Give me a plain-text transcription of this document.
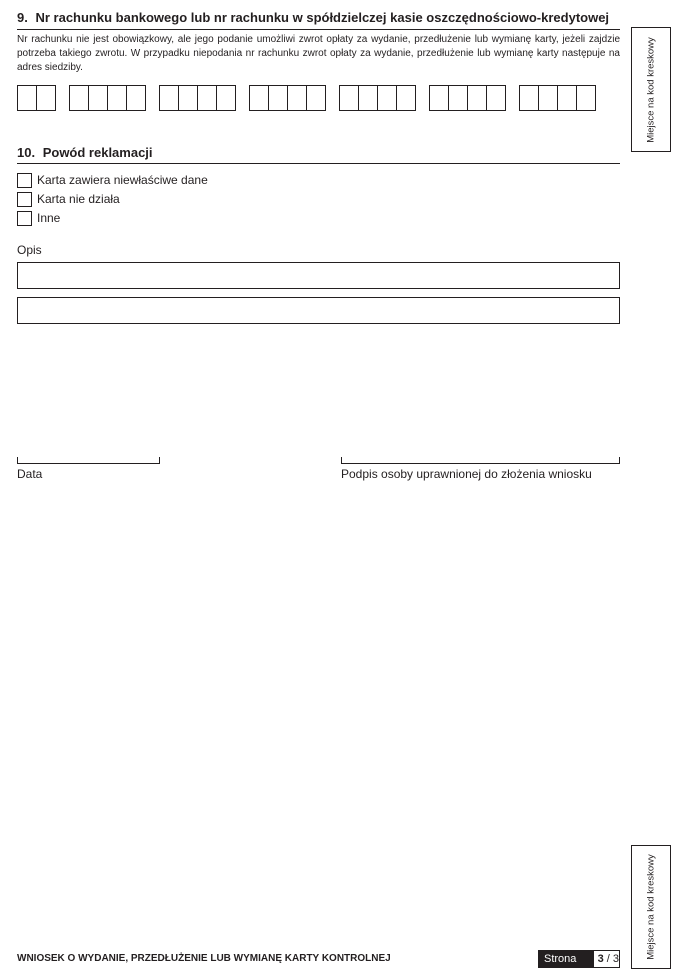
9. Nr rachunku bankowego lub nr rachunku w spółdzielczej kasie oszczędnościowo-kredytowej
Nr rachunku nie jest obowiązkowy, ale jego podanie umożliwi zwrot opłaty za wydanie, przedłużenie lub wymianę karty, jeżeli zajdzie potrzeba takiego zwrotu. W przypadku niepodania nr rachunku zwrot opłaty za wydanie, przedłużenie lub wymianę karty następuje na adres siedziby.
10. Powód reklamacji
Karta zawiera niewłaściwe dane
Karta nie działa
Inne
Opis
Data	Podpis osoby uprawnionej do złożenia wniosku
Miejsce na kod kreskowy
Miejsce na kod kreskowy
WNIOSEK O WYDANIE, PRZEDŁUŻENIE LUB WYMIANĘ KARTY KONTROLNEJ	Strona	3 / 3
